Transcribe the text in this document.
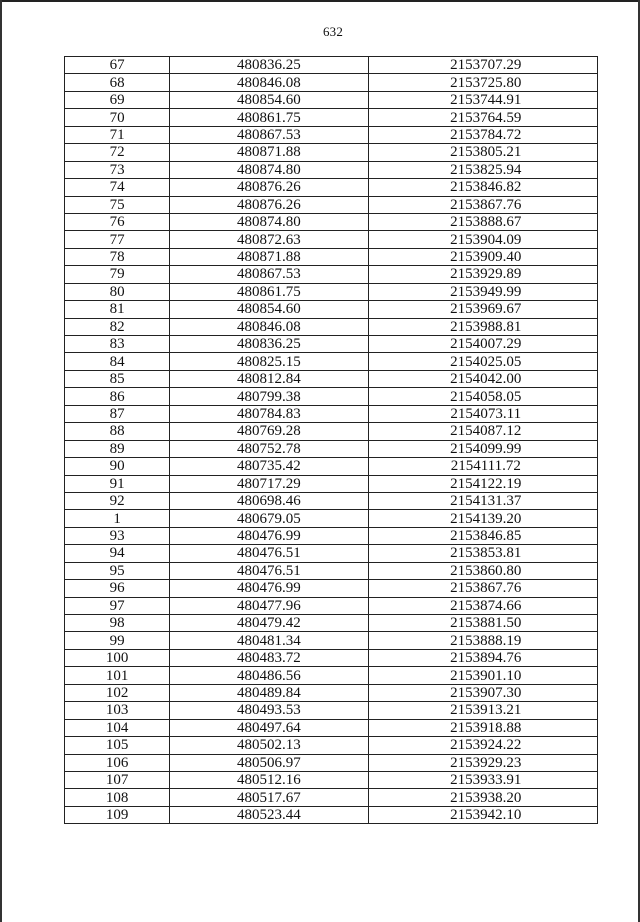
632
67	480836.25	2153707.29
68	480846.08	2153725.80
69	480854.60	2153744.91
70	480861.75	2153764.59
71	480867.53	2153784.72
72	480871.88	2153805.21
73	480874.80	2153825.94
74	480876.26	2153846.82
75	480876.26	2153867.76
76	480874.80	2153888.67
77	480872.63	2153904.09
78	480871.88	2153909.40
79	480867.53	2153929.89
80	480861.75	2153949.99
81	480854.60	2153969.67
82	480846.08	2153988.81
83	480836.25	2154007.29
84	480825.15	2154025.05
85	480812.84	2154042.00
86	480799.38	2154058.05
87	480784.83	2154073.11
88	480769.28	2154087.12
89	480752.78	2154099.99
90	480735.42	2154111.72
91	480717.29	2154122.19
92	480698.46	2154131.37
1	480679.05	2154139.20
93	480476.99	2153846.85
94	480476.51	2153853.81
95	480476.51	2153860.80
96	480476.99	2153867.76
97	480477.96	2153874.66
98	480479.42	2153881.50
99	480481.34	2153888.19
100	480483.72	2153894.76
101	480486.56	2153901.10
102	480489.84	2153907.30
103	480493.53	2153913.21
104	480497.64	2153918.88
105	480502.13	2153924.22
106	480506.97	2153929.23
107	480512.16	2153933.91
108	480517.67	2153938.20
109	480523.44	2153942.10
